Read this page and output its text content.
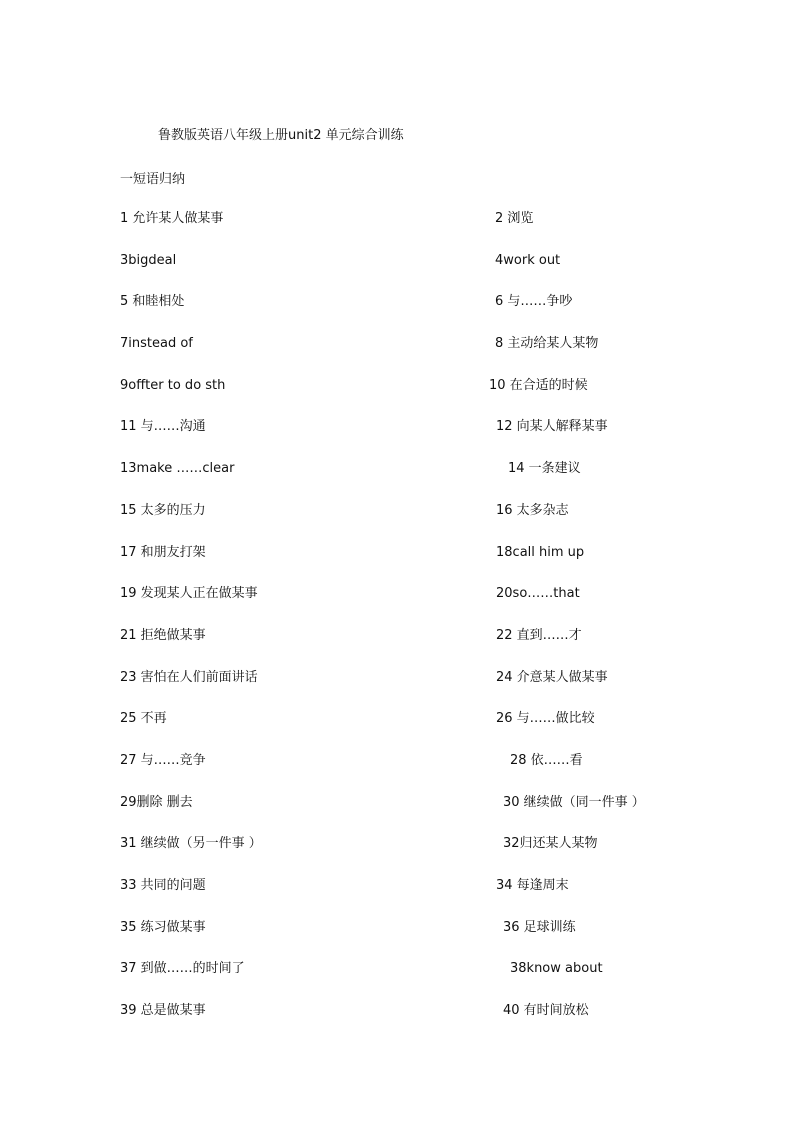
鲁教版英语八年级上册unit2 单元综合训练
一短语归纳
1 允许某人做某事	2 浏览
3bigdeal	4work out
5 和睦相处	6 与……争吵
7instead of	8 主动给某人某物
9offter to do sth	10 在合适的时候
11 与……沟通	12 向某人解释某事
13make ……clear	14 一条建议
15 太多的压力	16 太多杂志
17 和朋友打架	18call him up
19 发现某人正在做某事	20so……that
21 拒绝做某事	22 直到……才
23 害怕在人们前面讲话	24 介意某人做某事
25 不再	26 与……做比较
27 与……竞争	28 依……看
29删除 删去	30 继续做（同一件事 ）
31 继续做（另一件事 ）	32归还某人某物
33 共同的问题	34 每逢周末
35 练习做某事	36 足球训练
37 到做……的时间了	38know about
39 总是做某事	40 有时间放松
